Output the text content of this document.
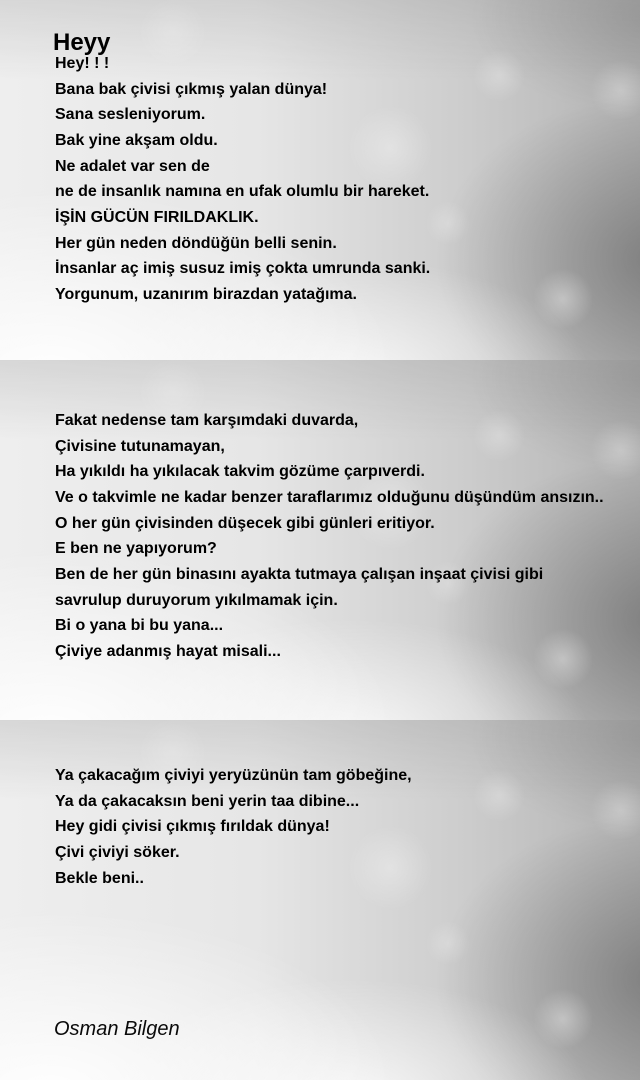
Heyy

Hey! ! !

Bana bak çivisi çıkmış yalan dünya!

Sana sesleniyorum.

Bak yine akşam oldu.

Ne adalet var sen de

ne de insanlık namına en ufak olumlu bir hareket.

İŞİN GÜCÜN FIRILDAKLIK.

Her gün neden döndüğün belli senin.

İnsanlar aç imiş susuz imiş çokta umrunda sanki.

Yorgunum, uzanırım birazdan yatağıma.

Fakat nedense tam karşımdaki duvarda,

Çivisine tutunamayan,

Ha yıkıldı ha yıkılacak takvim gözüme çarpıverdi.

Ve o takvimle ne kadar benzer taraflarımız olduğunu düşündüm ansızın..

O her gün çivisinden düşecek gibi günleri eritiyor.

E ben ne yapıyorum?

Ben de her gün binasını ayakta tutmaya çalışan inşaat çivisi gibi

savrulup duruyorum yıkılmamak için.

Bi o yana bi bu yana...

Çiviye adanmış hayat misali...

Ya çakacağım çiviyi yeryüzünün tam göbeğine,

Ya da çakacaksın beni yerin taa dibine...

Hey gidi çivisi çıkmış fırıldak dünya!

Çivi çiviyi söker.

Bekle beni..

Osman Bilgen
